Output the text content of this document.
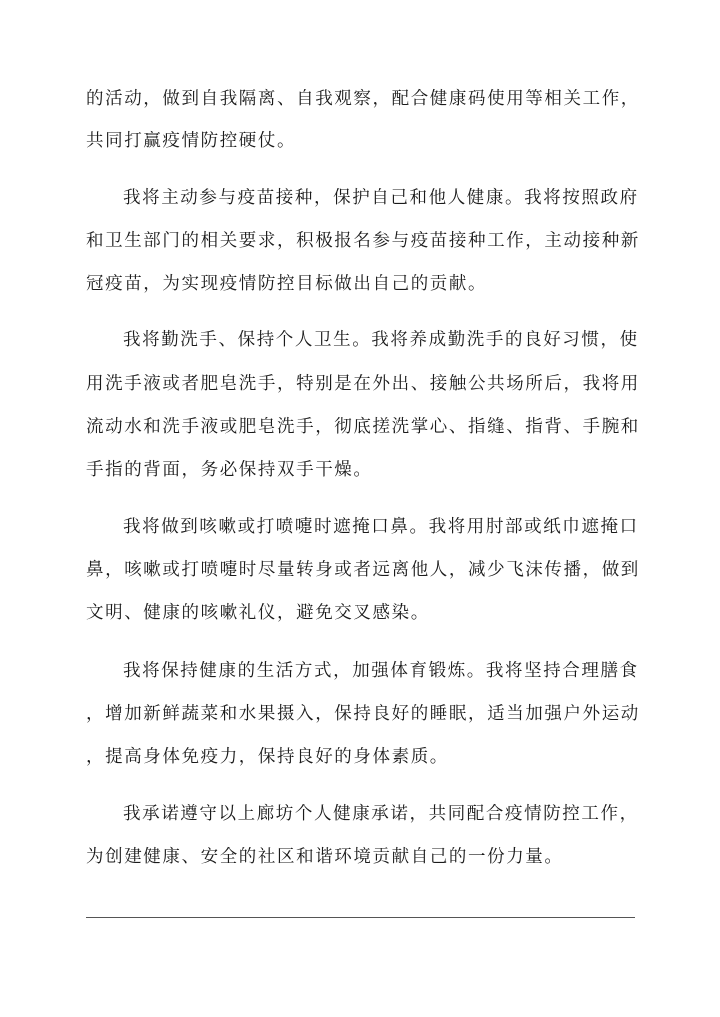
的活动，做到自我隔离、自我观察，配合健康码使用等相关工作，
共同打赢疫情防控硬仗。
我将主动参与疫苗接种，保护自己和他人健康。我将按照政府
和卫生部门的相关要求，积极报名参与疫苗接种工作，主动接种新
冠疫苗，为实现疫情防控目标做出自己的贡献。
我将勤洗手、保持个人卫生。我将养成勤洗手的良好习惯，使
用洗手液或者肥皂洗手，特别是在外出、接触公共场所后，我将用
流动水和洗手液或肥皂洗手，彻底搓洗掌心、指缝、指背、手腕和
手指的背面，务必保持双手干燥。
我将做到咳嗽或打喷嚏时遮掩口鼻。我将用肘部或纸巾遮掩口
鼻，咳嗽或打喷嚏时尽量转身或者远离他人，减少飞沫传播，做到
文明、健康的咳嗽礼仪，避免交叉感染。
我将保持健康的生活方式，加强体育锻炼。我将坚持合理膳食
，增加新鲜蔬菜和水果摄入，保持良好的睡眠，适当加强户外运动
，提高身体免疫力，保持良好的身体素质。
我承诺遵守以上廊坊个人健康承诺，共同配合疫情防控工作，
为创建健康、安全的社区和谐环境贡献自己的一份力量。
